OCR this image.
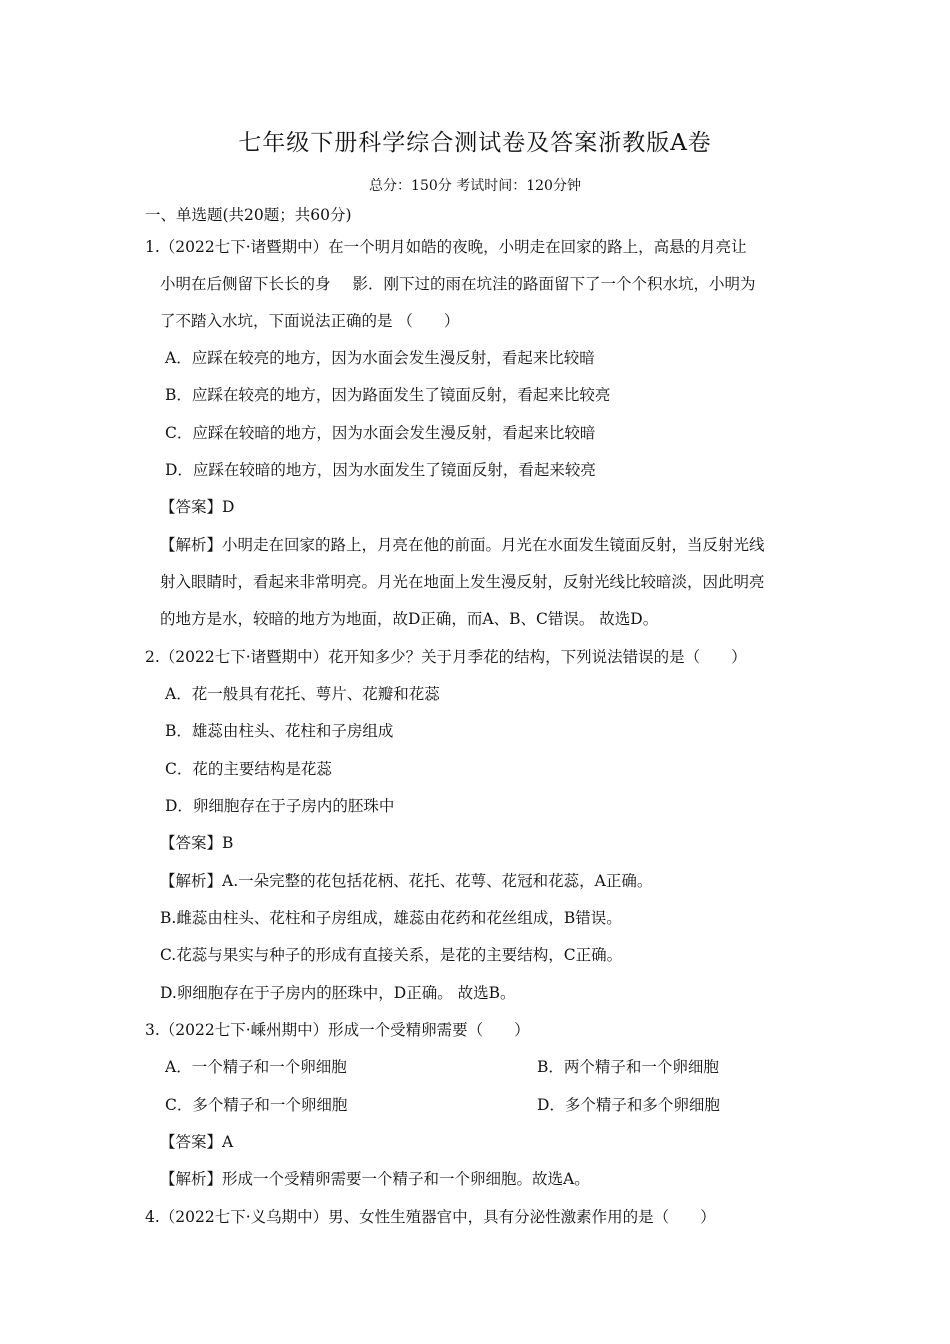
七年级下册科学综合测试卷及答案浙教版A卷
总分：150分 考试时间：120分钟
一、单选题(共20题；共60分)
1.（2022七下·诸暨期中）在一个明月如皓的夜晚，小明走在回家的路上，高悬的月亮让
小明在后侧留下长长的身 影．刚下过的雨在坑洼的路面留下了一个个积水坑，小明为
了不踏入水坑，下面说法正确的是 （　　）
A．应踩在较亮的地方，因为水面会发生漫反射，看起来比较暗
B．应踩在较亮的地方，因为路面发生了镜面反射，看起来比较亮
C．应踩在较暗的地方，因为水面会发生漫反射，看起来比较暗
D．应踩在较暗的地方，因为水面发生了镜面反射，看起来较亮
【答案】D
【解析】小明走在回家的路上，月亮在他的前面。月光在水面发生镜面反射，当反射光线
射入眼睛时，看起来非常明亮。月光在地面上发生漫反射，反射光线比较暗淡，因此明亮
的地方是水，较暗的地方为地面，故D正确，而A、B、C错误。 故选D。
2.（2022七下·诸暨期中）花开知多少？关于月季花的结构，下列说法错误的是（　　）
A．花一般具有花托、萼片、花瓣和花蕊
B．雄蕊由柱头、花柱和子房组成
C．花的主要结构是花蕊
D．卵细胞存在于子房内的胚珠中
【答案】B
【解析】A.一朵完整的花包括花柄、花托、花萼、花冠和花蕊，A正确。
B.雌蕊由柱头、花柱和子房组成，雄蕊由花药和花丝组成，B错误。
C.花蕊与果实与种子的形成有直接关系，是花的主要结构，C正确。
D.卵细胞存在于子房内的胚珠中，D正确。 故选B。
3.（2022七下·嵊州期中）形成一个受精卵需要（　　）
A．一个精子和一个卵细胞	B．两个精子和一个卵细胞
C．多个精子和一个卵细胞	D．多个精子和多个卵细胞
【答案】A
【解析】形成一个受精卵需要一个精子和一个卵细胞。故选A。
4.（2022七下·义乌期中）男、女性生殖器官中，具有分泌性激素作用的是（　　）
